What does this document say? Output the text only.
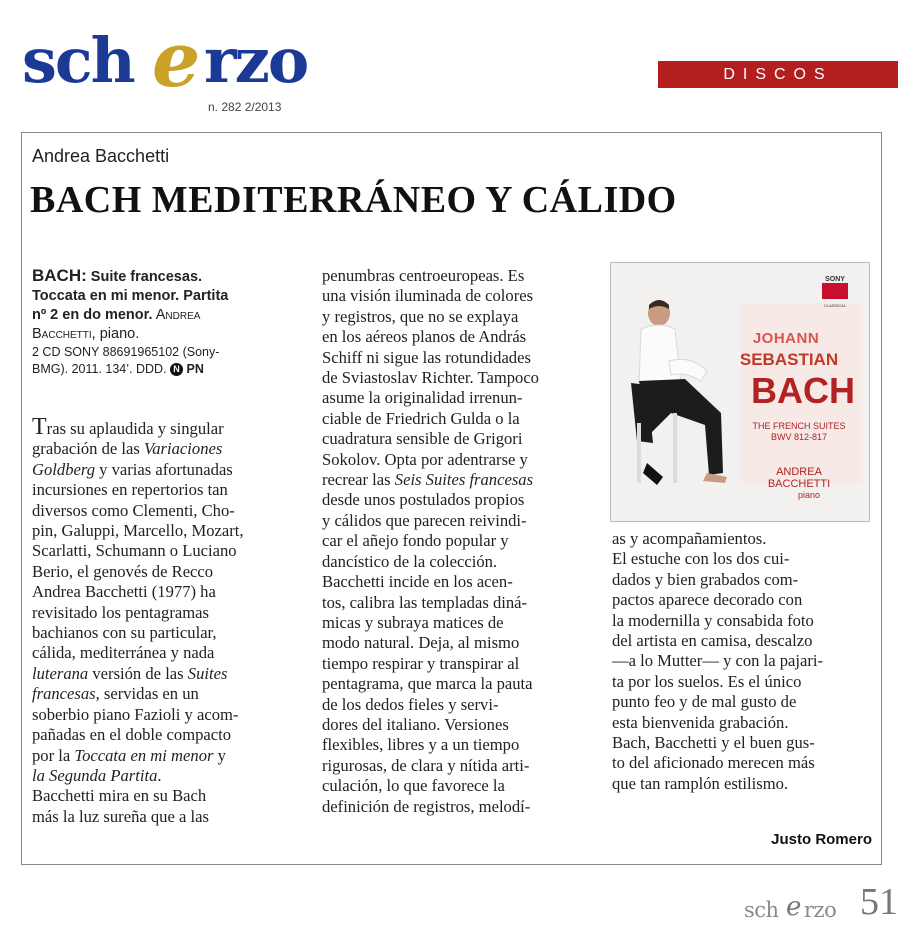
sch e rzo
n. 282 2/2013
DISCOS
Andrea Bacchetti
BACH MEDITERRÁNEO Y CÁLIDO
BACH: Suite francesas.
Toccata en mi menor. Partita
nº 2 en do menor. Andrea
Bacchetti, piano.
2 CD SONY 88691965102 (Sony-
BMG). 2011. 134’. DDD. N PN
Tras su aplaudida y singular
grabación de las Variaciones
Goldberg y varias afortunadas
incursiones en repertorios tan
diversos como Clementi, Cho-
pin, Galuppi, Marcello, Mozart,
Scarlatti, Schumann o Luciano
Berio, el genovés de Recco
Andrea Bacchetti (1977) ha
revisitado los pentagramas
bachianos con su particular,
cálida, mediterránea y nada
luterana versión de las Suites
francesas, servidas en un
soberbio piano Fazioli y acom-
pañadas en el doble compacto
por la Toccata en mi menor y
la Segunda Partita.
Bacchetti mira en su Bach
más la luz sureña que a las
penumbras centroeuropeas. Es
una visión iluminada de colores
y registros, que no se explaya
en los aéreos planos de András
Schiff ni sigue las rotundidades
de Sviastoslav Richter. Tampoco
asume la originalidad irrenun-
ciable de Friedrich Gulda o la
cuadratura sensible de Grigori
Sokolov. Opta por adentrarse y
recrear las Seis Suites francesas
desde unos postulados propios
y cálidos que parecen reivindi-
car el añejo fondo popular y
dancístico de la colección.
Bacchetti incide en los acen-
tos, calibra las templadas diná-
micas y subraya matices de
modo natural. Deja, al mismo
tiempo respirar y transpirar al
pentagrama, que marca la pauta
de los dedos fieles y servi-
dores del italiano. Versiones
flexibles, libres y a un tiempo
rigurosas, de clara y nítida arti-
culación, lo que favorece la
definición de registros, melodí-
as y acompañamientos.
El estuche con los dos cui-
dados y bien grabados com-
pactos aparece decorado con
la modernilla y consabida foto
del artista en camisa, descalzo
—a lo Mutter— y con la pajari-
ta por los suelos. Es el único
punto feo y de mal gusto de
esta bienvenida grabación.
Bach, Bacchetti y el buen gus-
to del aficionado merecen más
que tan ramplón estilismo.
Justo Romero
SONY
CLASSICAL
JOHANN
SEBASTIAN
BACH
THE FRENCH SUITES
BWV 812-817
ANDREA
BACCHETTI
piano
sch e rzo 51
